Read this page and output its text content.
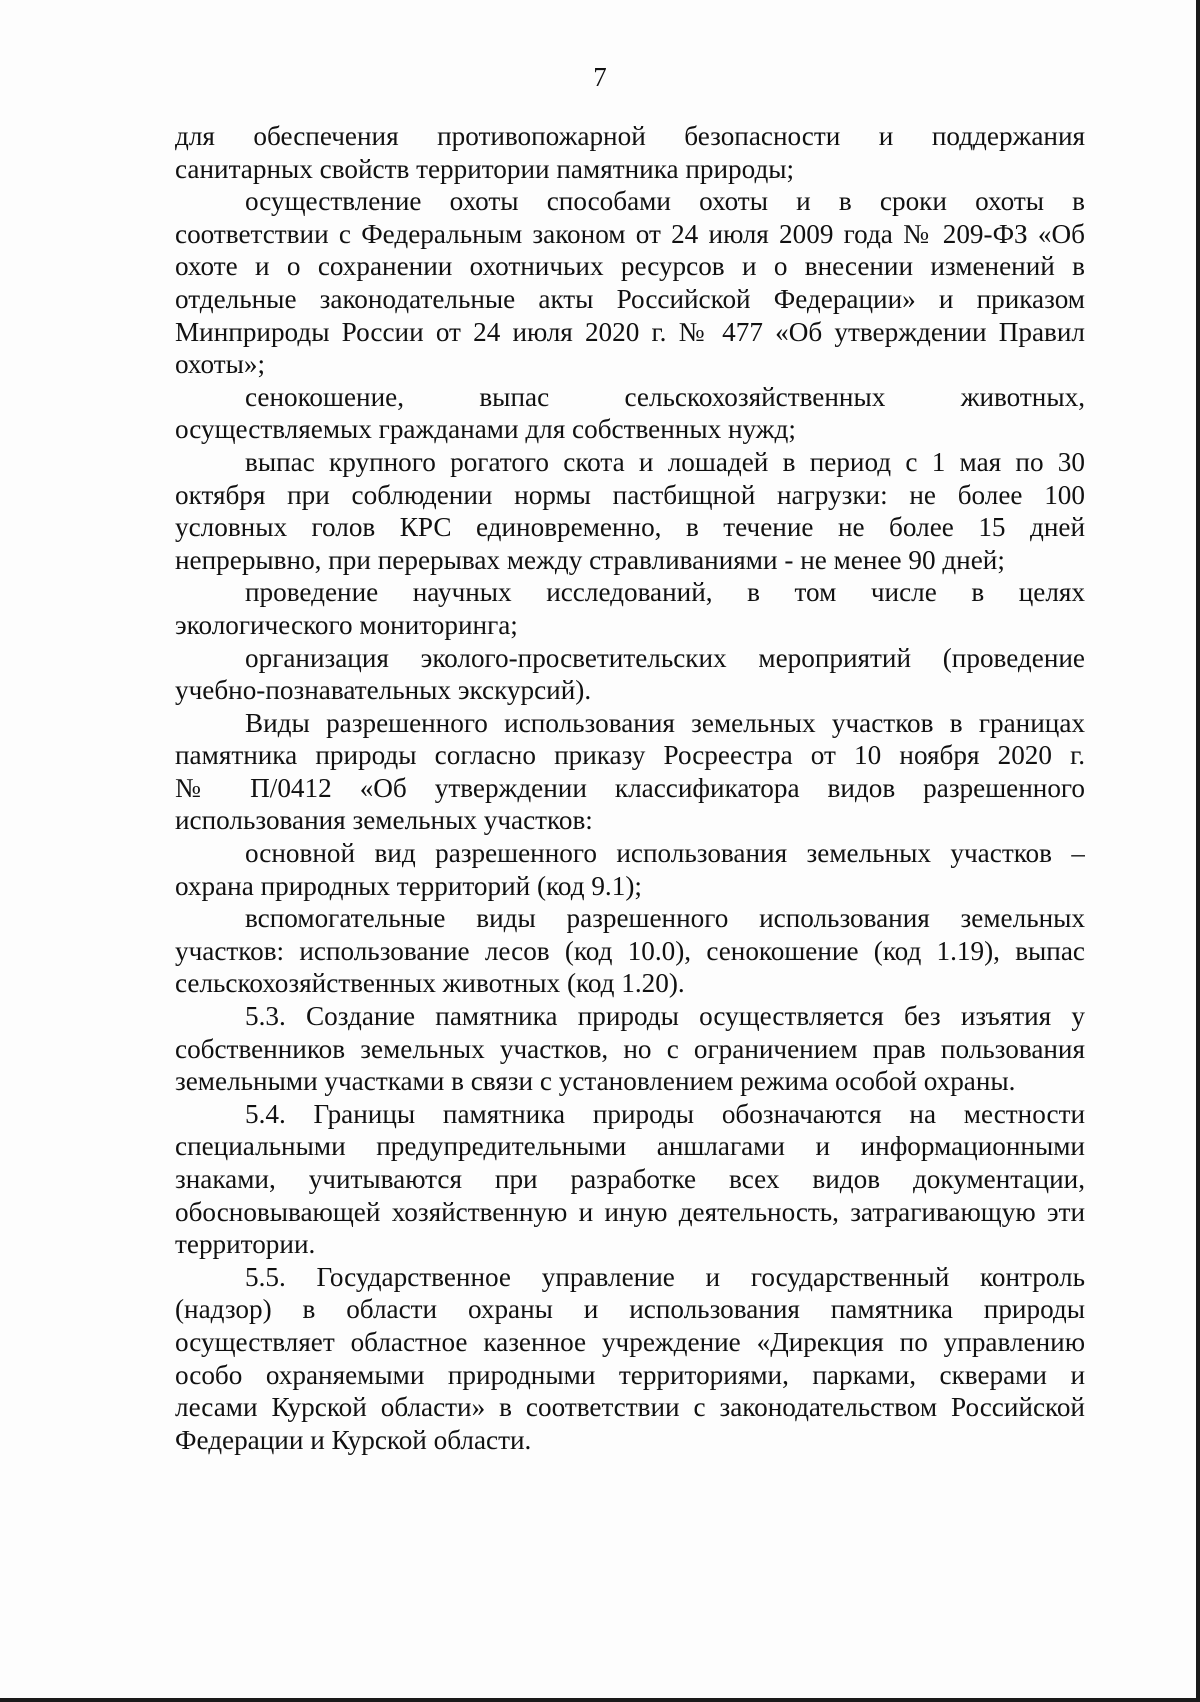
7
для обеспечения противопожарной безопасности и поддержания
санитарных свойств территории памятника природы;
осуществление охоты способами охоты и в сроки охоты в
соответствии с Федеральным законом от 24 июля 2009 года № 209-ФЗ «Об
охоте и о сохранении охотничьих ресурсов и о внесении изменений в
отдельные законодательные акты Российской Федерации» и приказом
Минприроды России от 24 июля 2020 г. № 477 «Об утверждении Правил
охоты»;
сенокошение, выпас сельскохозяйственных животных,
осуществляемых гражданами для собственных нужд;
выпас крупного рогатого скота и лошадей в период с 1 мая по 30
октября при соблюдении нормы пастбищной нагрузки: не более 100
условных голов КРС единовременно, в течение не более 15 дней
непрерывно, при перерывах между стравливаниями - не менее 90 дней;
проведение научных исследований, в том числе в целях
экологического мониторинга;
организация эколого-просветительских мероприятий (проведение
учебно-познавательных экскурсий).
Виды разрешенного использования земельных участков в границах
памятника природы согласно приказу Росреестра от 10 ноября 2020 г.
№ П/0412 «Об утверждении классификатора видов разрешенного
использования земельных участков:
основной вид разрешенного использования земельных участков –
охрана природных территорий (код 9.1);
вспомогательные виды разрешенного использования земельных
участков: использование лесов (код 10.0), сенокошение (код 1.19), выпас
сельскохозяйственных животных (код 1.20).
5.3. Создание памятника природы осуществляется без изъятия у
собственников земельных участков, но с ограничением прав пользования
земельными участками в связи с установлением режима особой охраны.
5.4. Границы памятника природы обозначаются на местности
специальными предупредительными аншлагами и информационными
знаками, учитываются при разработке всех видов документации,
обосновывающей хозяйственную и иную деятельность, затрагивающую эти
территории.
5.5. Государственное управление и государственный контроль
(надзор) в области охраны и использования памятника природы
осуществляет областное казенное учреждение «Дирекция по управлению
особо охраняемыми природными территориями, парками, скверами и
лесами Курской области» в соответствии с законодательством Российской
Федерации и Курской области.
